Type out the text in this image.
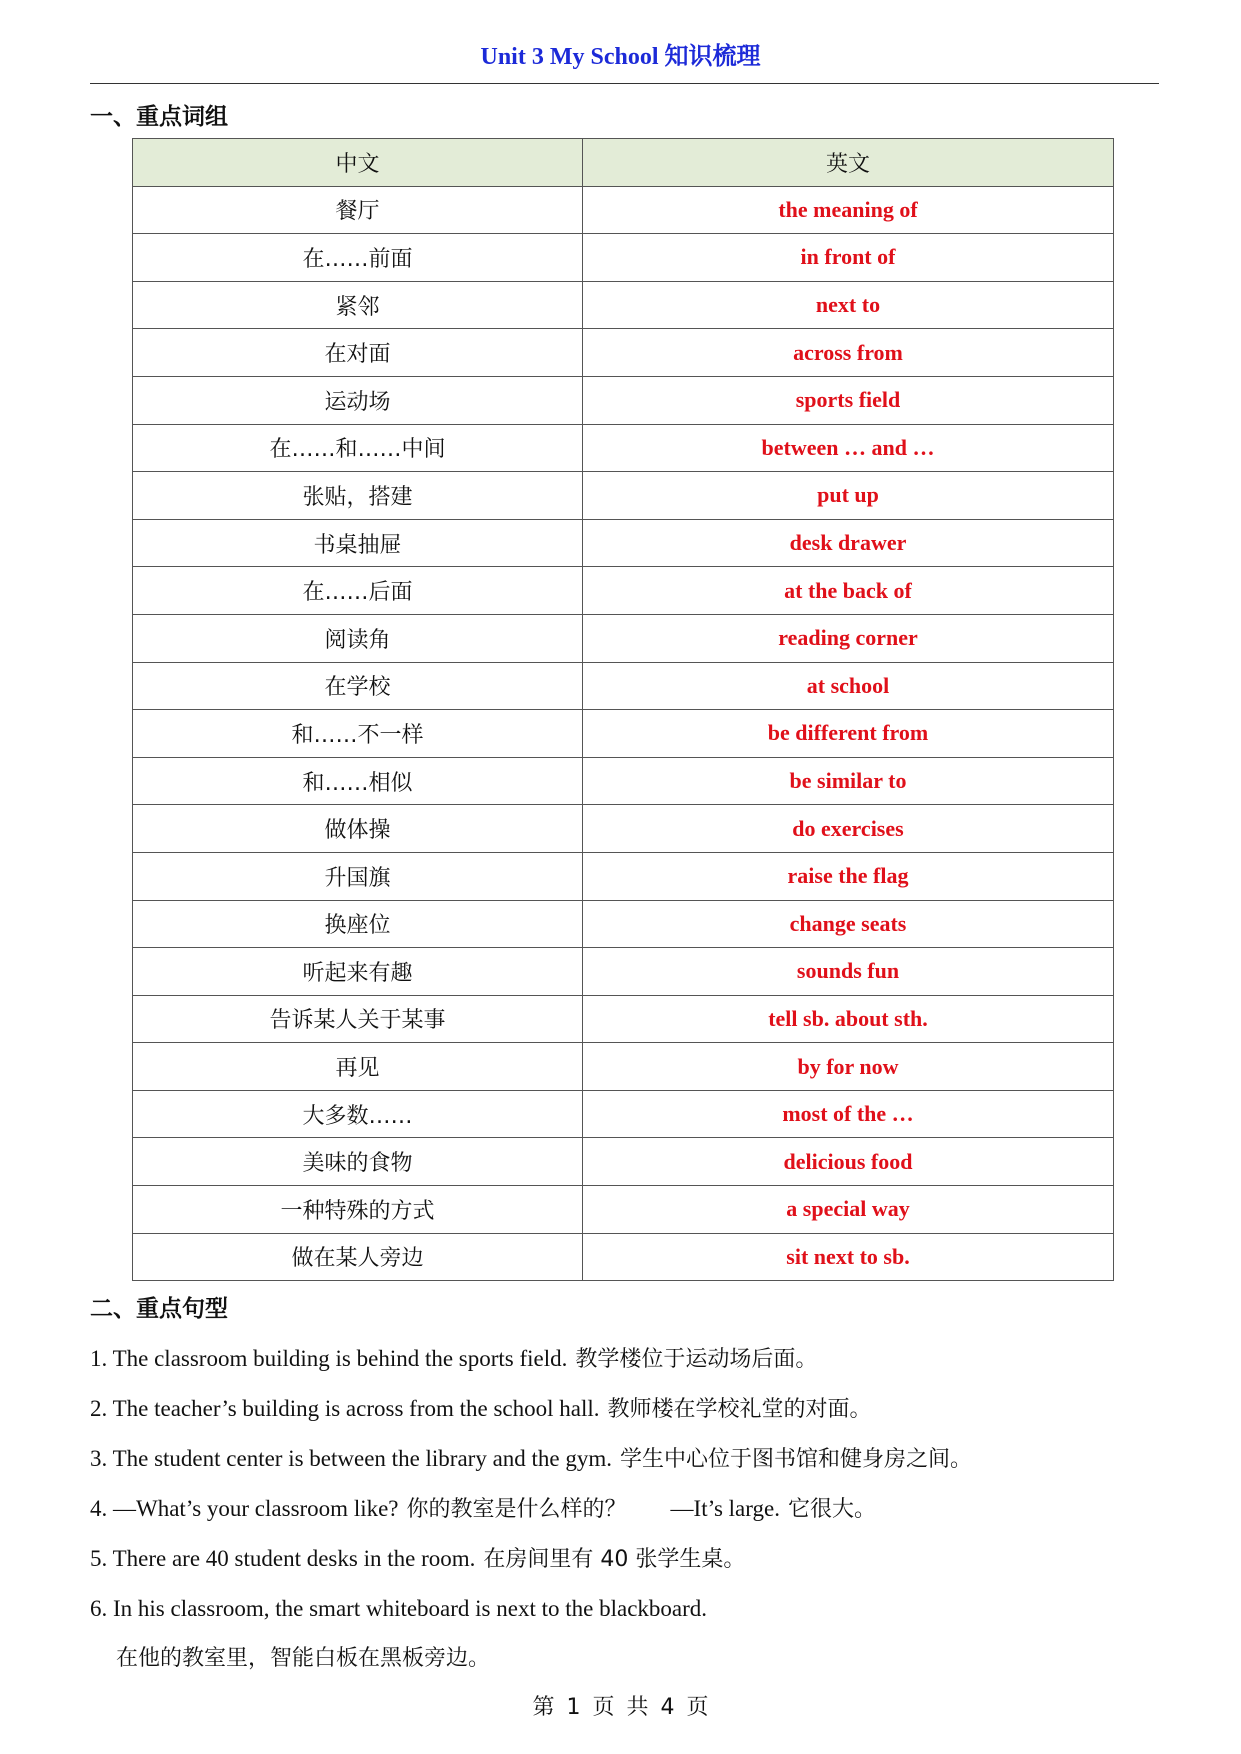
Unit 3 My School 知识梳理
一、重点词组
中文	英文
餐厅	the meaning of
在……前面	in front of
紧邻	next to
在对面	across from
运动场	sports field
在……和……中间	between … and …
张贴，搭建	put up
书桌抽屉	desk drawer
在……后面	at the back of
阅读角	reading corner
在学校	at school
和……不一样	be different from
和……相似	be similar to
做体操	do exercises
升国旗	raise the flag
换座位	change seats
听起来有趣	sounds fun
告诉某人关于某事	tell sb. about sth.
再见	by for now
大多数……	most of the …
美味的食物	delicious food
一种特殊的方式	a special way
做在某人旁边	sit next to sb.
二、重点句型
1. The classroom building is behind the sports field. 教学楼位于运动场后面。
2. The teacher’s building is across from the school hall. 教师楼在学校礼堂的对面。
3. The student center is between the library and the gym. 学生中心位于图书馆和健身房之间。
4. —What’s your classroom like? 你的教室是什么样的？ —It’s large. 它很大。
5. There are 40 student desks in the room. 在房间里有 40 张学生桌。
6. In his classroom, the smart whiteboard is next to the blackboard.
在他的教室里，智能白板在黑板旁边。
第 1 页 共 4 页
